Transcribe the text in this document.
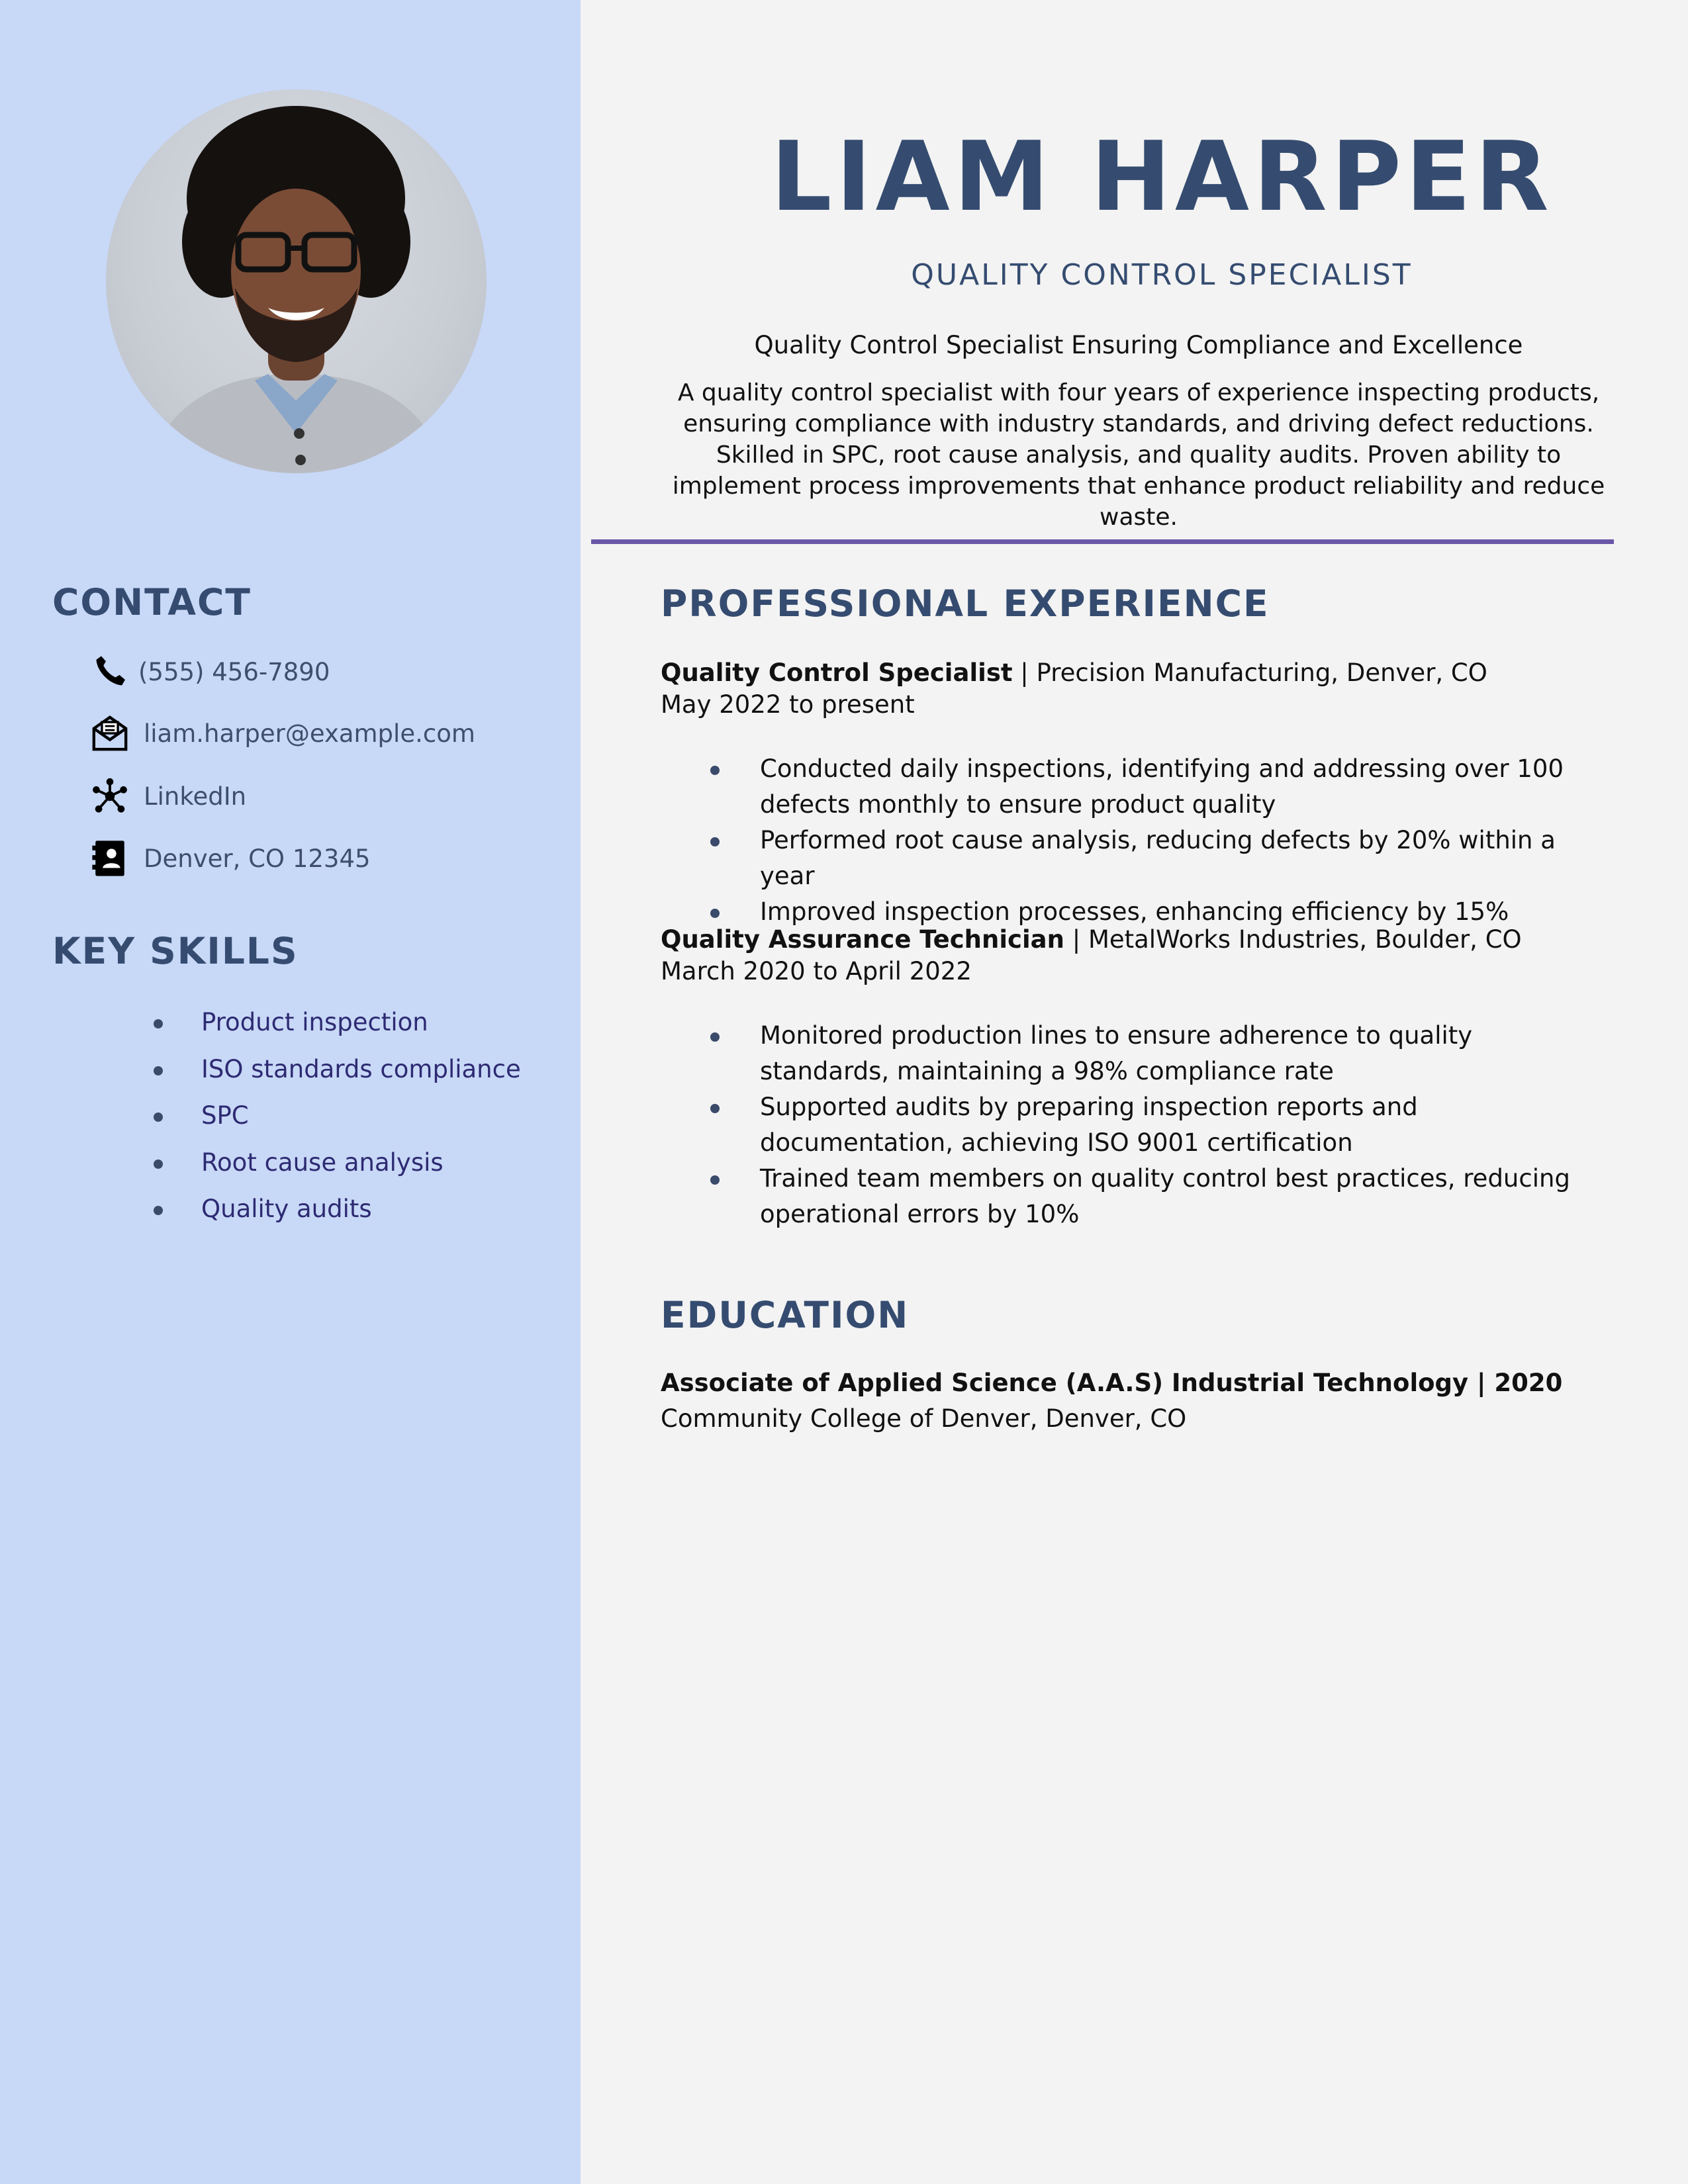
CONTACT
(555) 456-7890
liam.harper@example.com
LinkedIn
Denver, CO 12345
KEY SKILLS
Product inspection
ISO standards compliance
SPC
Root cause analysis
Quality audits
LIAM HARPER

QUALITY CONTROL SPECIALIST

Quality Control Specialist Ensuring Compliance and Excellence

A quality control specialist with four years of experience inspecting products, ensuring compliance with industry standards, and driving defect reductions. Skilled in SPC, root cause analysis, and quality audits. Proven ability to implement process improvements that enhance product reliability and reduce waste.

PROFESSIONAL EXPERIENCE

Quality Control Specialist | Precision Manufacturing, Denver, CO

May 2022 to present

Conducted daily inspections, identifying and addressing over 100 defects monthly to ensure product quality
Performed root cause analysis, reducing defects by 20% within a year
Improved inspection processes, enhancing efficiency by 15%

Quality Assurance Technician | MetalWorks Industries, Boulder, CO

March 2020 to April 2022

Monitored production lines to ensure adherence to quality standards, maintaining a 98% compliance rate
Supported audits by preparing inspection reports and documentation, achieving ISO 9001 certification
Trained team members on quality control best practices, reducing operational errors by 10%
EDUCATION

Associate of Applied Science (A.A.S) Industrial Technology | 2020

Community College of Denver, Denver, CO
